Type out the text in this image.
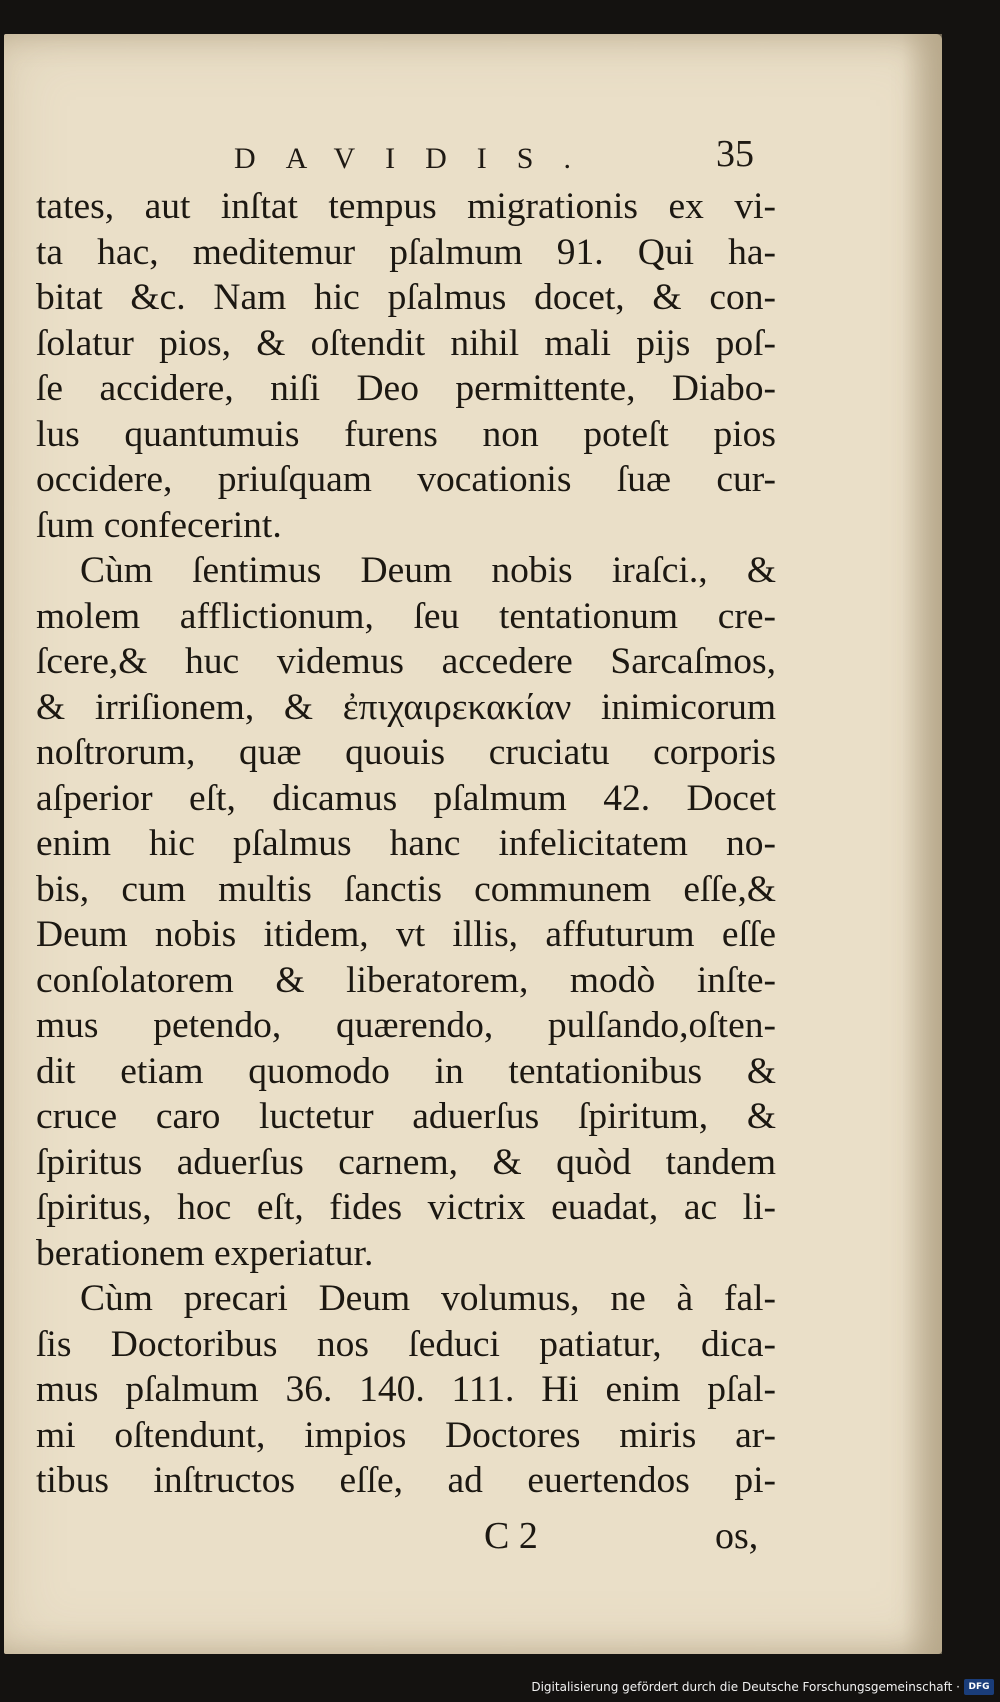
DAVIDIS.	35
tates, aut inſtat tempus migrationis ex vi-
ta hac, meditemur pſalmum 91. Qui ha-
bitat &c. Nam hic pſalmus docet, & con-
ſolatur pios, & oſtendit nihil mali pijs poſ-
ſe accidere, niſi Deo permittente, Diabo-
lus quantumuis furens non poteſt pios
occidere, priuſquam vocationis ſuæ cur-
ſum confecerint.
Cùm ſentimus Deum nobis iraſci., &
molem afflictionum, ſeu tentationum cre-
ſcere,& huc videmus accedere Sarcaſmos,
& irriſionem, & ἐπιχαιρεκακίαν inimicorum
noſtrorum, quæ quouis cruciatu corporis
aſperior eſt, dicamus pſalmum 42. Docet
enim hic pſalmus hanc infelicitatem no-
bis, cum multis ſanctis communem eſſe,&
Deum nobis itidem, vt illis, affuturum eſſe
conſolatorem & liberatorem, modò inſte-
mus petendo, quærendo, pulſando,oſten-
dit etiam quomodo in tentationibus &
cruce caro luctetur aduerſus ſpiritum, &
ſpiritus aduerſus carnem, & quòd tandem
ſpiritus, hoc eſt, fides victrix euadat, ac li-
berationem experiatur.
Cùm precari Deum volumus, ne à fal-
ſis Doctoribus nos ſeduci patiatur, dica-
mus pſalmum 36. 140. 111. Hi enim pſal-
mi oſtendunt, impios Doctores miris ar-
tibus inſtructos eſſe, ad euertendos pi-
C 2	os,
Digitalisierung gefördert durch die Deutsche Forschungsgemeinschaft · DFG
